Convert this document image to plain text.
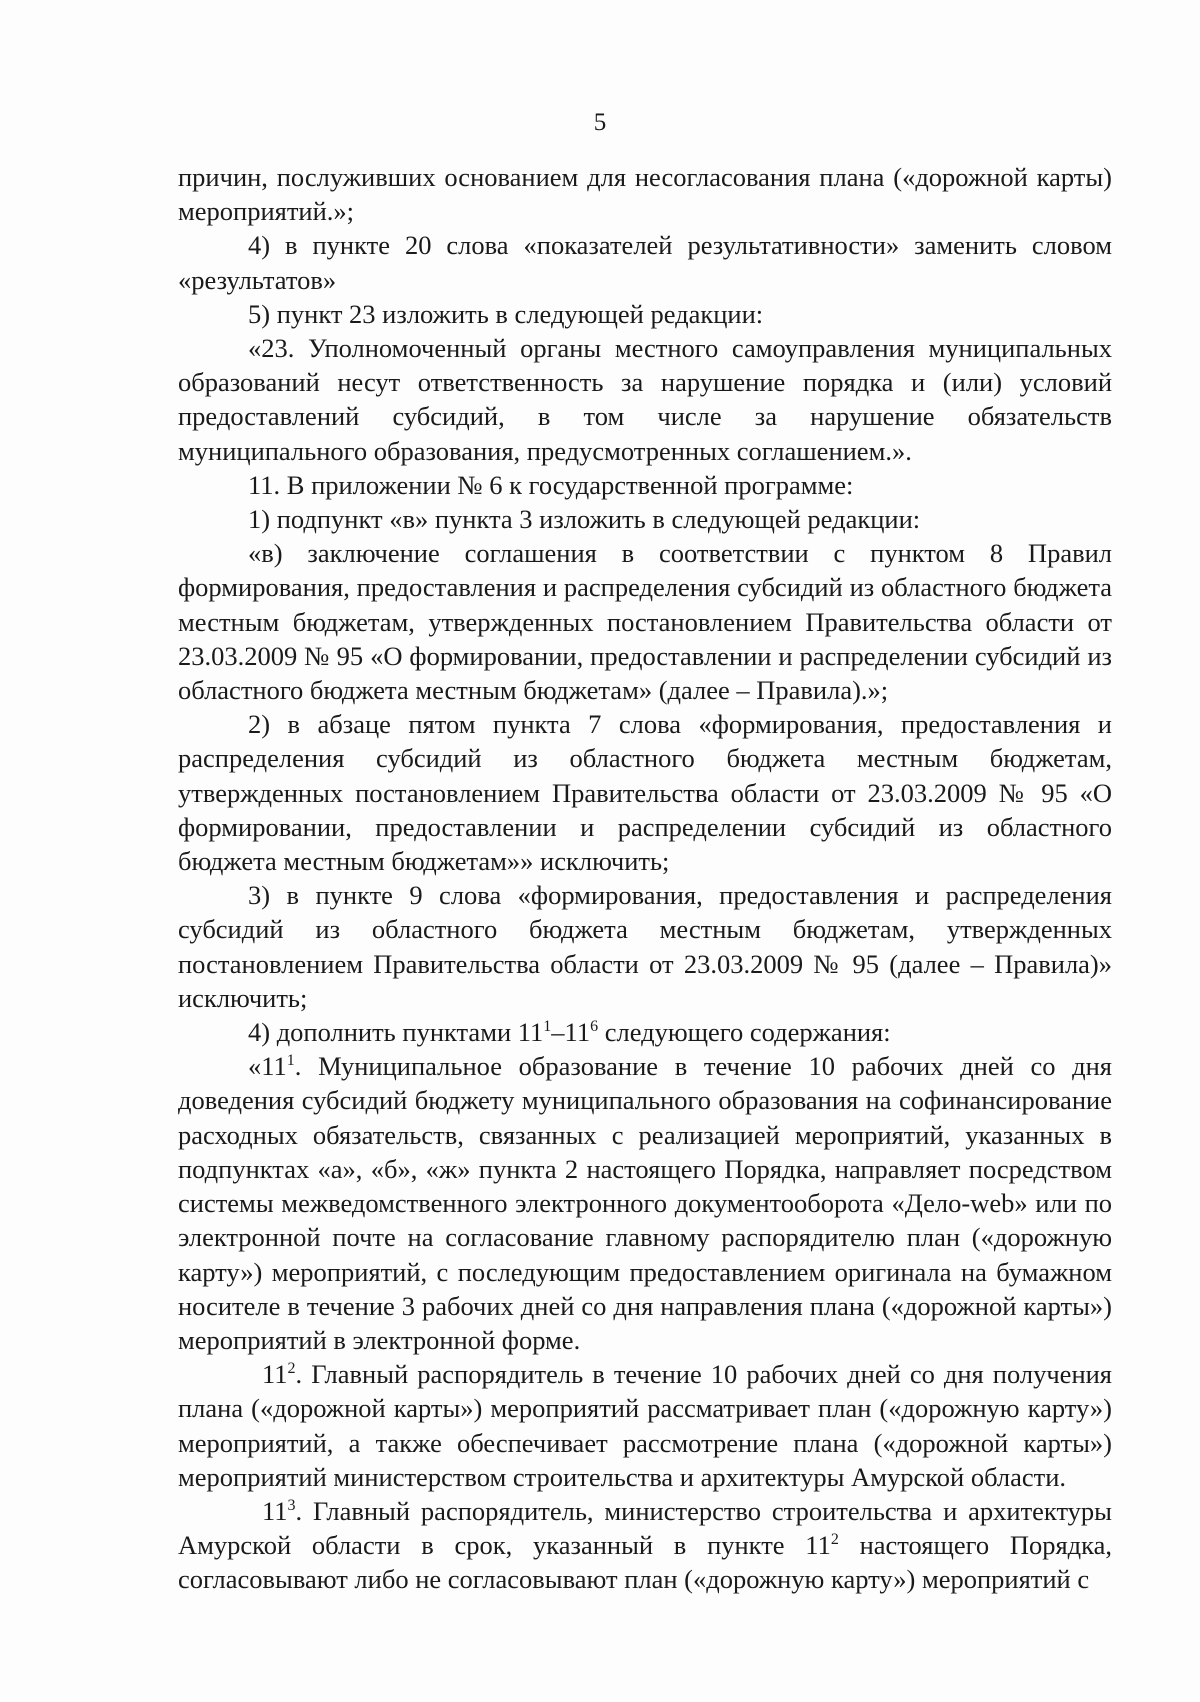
5

причин, послуживших основанием для несогласования плана («дорожной карты) мероприятий.»;

4) в пункте 20 слова «показателей результативности» заменить словом «результатов»

5) пункт 23 изложить в следующей редакции:

«23. Уполномоченный органы местного самоуправления муниципальных образований несут ответственность за нарушение порядка и (или) условий предоставлений субсидий, в том числе за нарушение обязательств муниципального образования, предусмотренных соглашением.».

11. В приложении № 6 к государственной программе:

1) подпункт «в» пункта 3 изложить в следующей редакции:

«в) заключение соглашения в соответствии с пунктом 8 Правил формирования, предоставления и распределения субсидий из областного бюджета местным бюджетам, утвержденных постановлением Правительства области от 23.03.2009 № 95 «О формировании, предоставлении и распределении субсидий из областного бюджета местным бюджетам» (далее – Правила).»;

2) в абзаце пятом пункта 7 слова «формирования, предоставления и распределения субсидий из областного бюджета местным бюджетам, утвержденных постановлением Правительства области от 23.03.2009 № 95 «О формировании, предоставлении и распределении субсидий из областного бюджета местным бюджетам»» исключить;

3) в пункте 9 слова «формирования, предоставления и распределения субсидий из областного бюджета местным бюджетам, утвержденных постановлением Правительства области от 23.03.2009 № 95 (далее – Правила)» исключить;

4) дополнить пунктами $11^1-11^6$ следующего содержания:

«$11^1$. Муниципальное образование в течение 10 рабочих дней со дня доведения субсидий бюджету муниципального образования на софинансирование расходных обязательств, связанных с реализацией мероприятий, указанных в подпунктах «а», «б», «ж» пункта 2 настоящего Порядка, направляет посредством системы межведомственного электронного документооборота «Дело-web» или по электронной почте на согласование главному распорядителю план («дорожную карту») мероприятий, с последующим предоставлением оригинала на бумажном носителе в течение 3 рабочих дней со дня направления плана («дорожной карты») мероприятий в электронной форме.

$11^2$. Главный распорядитель в течение 10 рабочих дней со дня получения плана («дорожной карты») мероприятий рассматривает план («дорожную карту») мероприятий, а также обеспечивает рассмотрение плана («дорожной карты») мероприятий министерством строительства и архитектуры Амурской области.

$11^3$. Главный распорядитель, министерство строительства и архитектуры Амурской области в срок, указанный в пункте $11^2$ настоящего Порядка, согласовывают либо не согласовывают план («дорожную карту») мероприятий с
